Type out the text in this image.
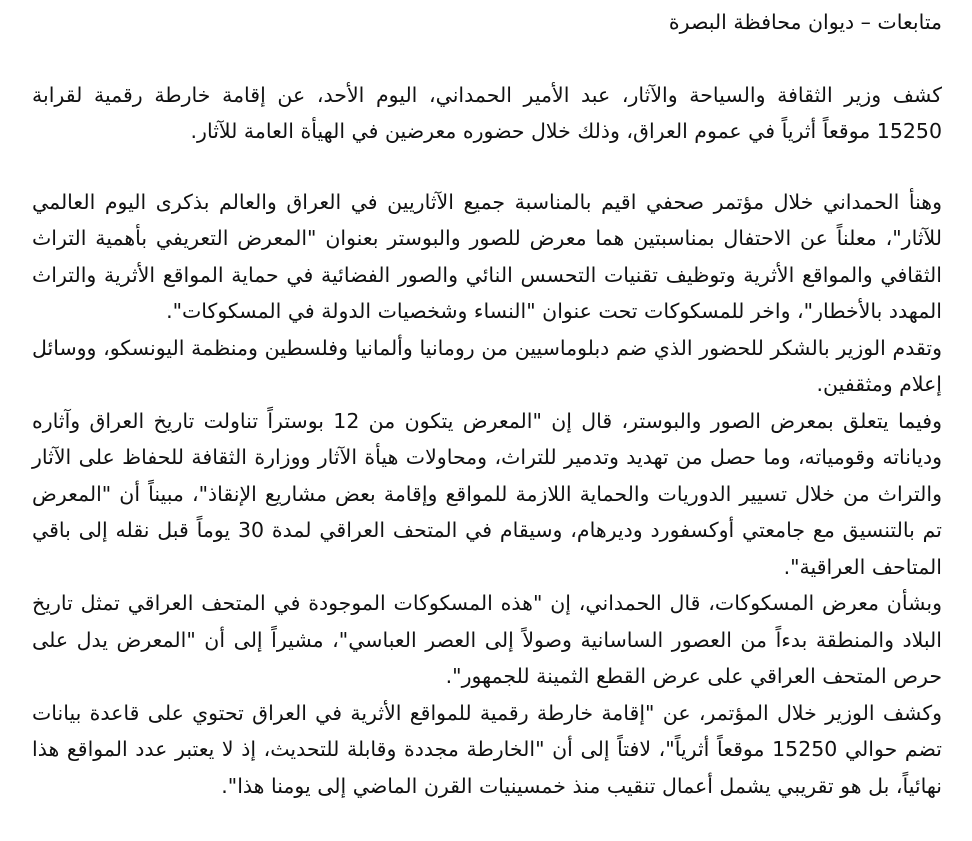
متابعات – ديوان محافظة البصرة

كشف وزير الثقافة والسياحة والآثار، عبد الأمير الحمداني، اليوم الأحد، عن إقامة خارطة رقمية لقرابة 15250 موقعاً أثرياً في عموم العراق، وذلك خلال حضوره معرضين في الهيأة العامة للآثار.

وهنأ الحمداني خلال مؤتمر صحفي اقيم بالمناسبة جميع الآثاريين في العراق والعالم بذكرى اليوم العالمي للآثار"، معلناً عن الاحتفال بمناسبتين هما معرض للصور والبوستر بعنوان "المعرض التعريفي بأهمية التراث الثقافي والمواقع الأثرية وتوظيف تقنيات التحسس النائي والصور الفضائية في حماية المواقع الأثرية والتراث المهدد بالأخطار"، واخر للمسكوكات تحت عنوان "النساء وشخصيات الدولة في المسكوكات".

وتقدم الوزير بالشكر للحضور الذي ضم دبلوماسيين من رومانيا وألمانيا وفلسطين ومنظمة اليونسكو، ووسائل إعلام ومثقفين.

وفيما يتعلق بمعرض الصور والبوستر، قال إن "المعرض يتكون من 12 بوستراً تناولت تاريخ العراق وآثاره ودياناته وقومياته، وما حصل من تهديد وتدمير للتراث، ومحاولات هيأة الآثار ووزارة الثقافة للحفاظ على الآثار والتراث من خلال تسيير الدوريات والحماية اللازمة للمواقع وإقامة بعض مشاريع الإنقاذ"، مبيناً أن "المعرض تم بالتنسيق مع جامعتي أوكسفورد وديرهام، وسيقام في المتحف العراقي لمدة 30 يوماً قبل نقله إلى باقي المتاحف العراقية".

وبشأن معرض المسكوكات، قال الحمداني، إن "هذه المسكوكات الموجودة في المتحف العراقي تمثل تاريخ البلاد والمنطقة بدءاً من العصور الساسانية وصولاً إلى العصر العباسي"، مشيراً إلى أن "المعرض يدل على حرص المتحف العراقي على عرض القطع الثمينة للجمهور".

وكشف الوزير خلال المؤتمر، عن "إقامة خارطة رقمية للمواقع الأثرية في العراق تحتوي على قاعدة بيانات تضم حوالي 15250 موقعاً أثرياً"، لافتاً إلى أن "الخارطة مجددة وقابلة للتحديث، إذ لا يعتبر عدد المواقع هذا نهائياً، بل هو تقريبي يشمل أعمال تنقيب منذ خمسينيات القرن الماضي إلى يومنا هذا".
